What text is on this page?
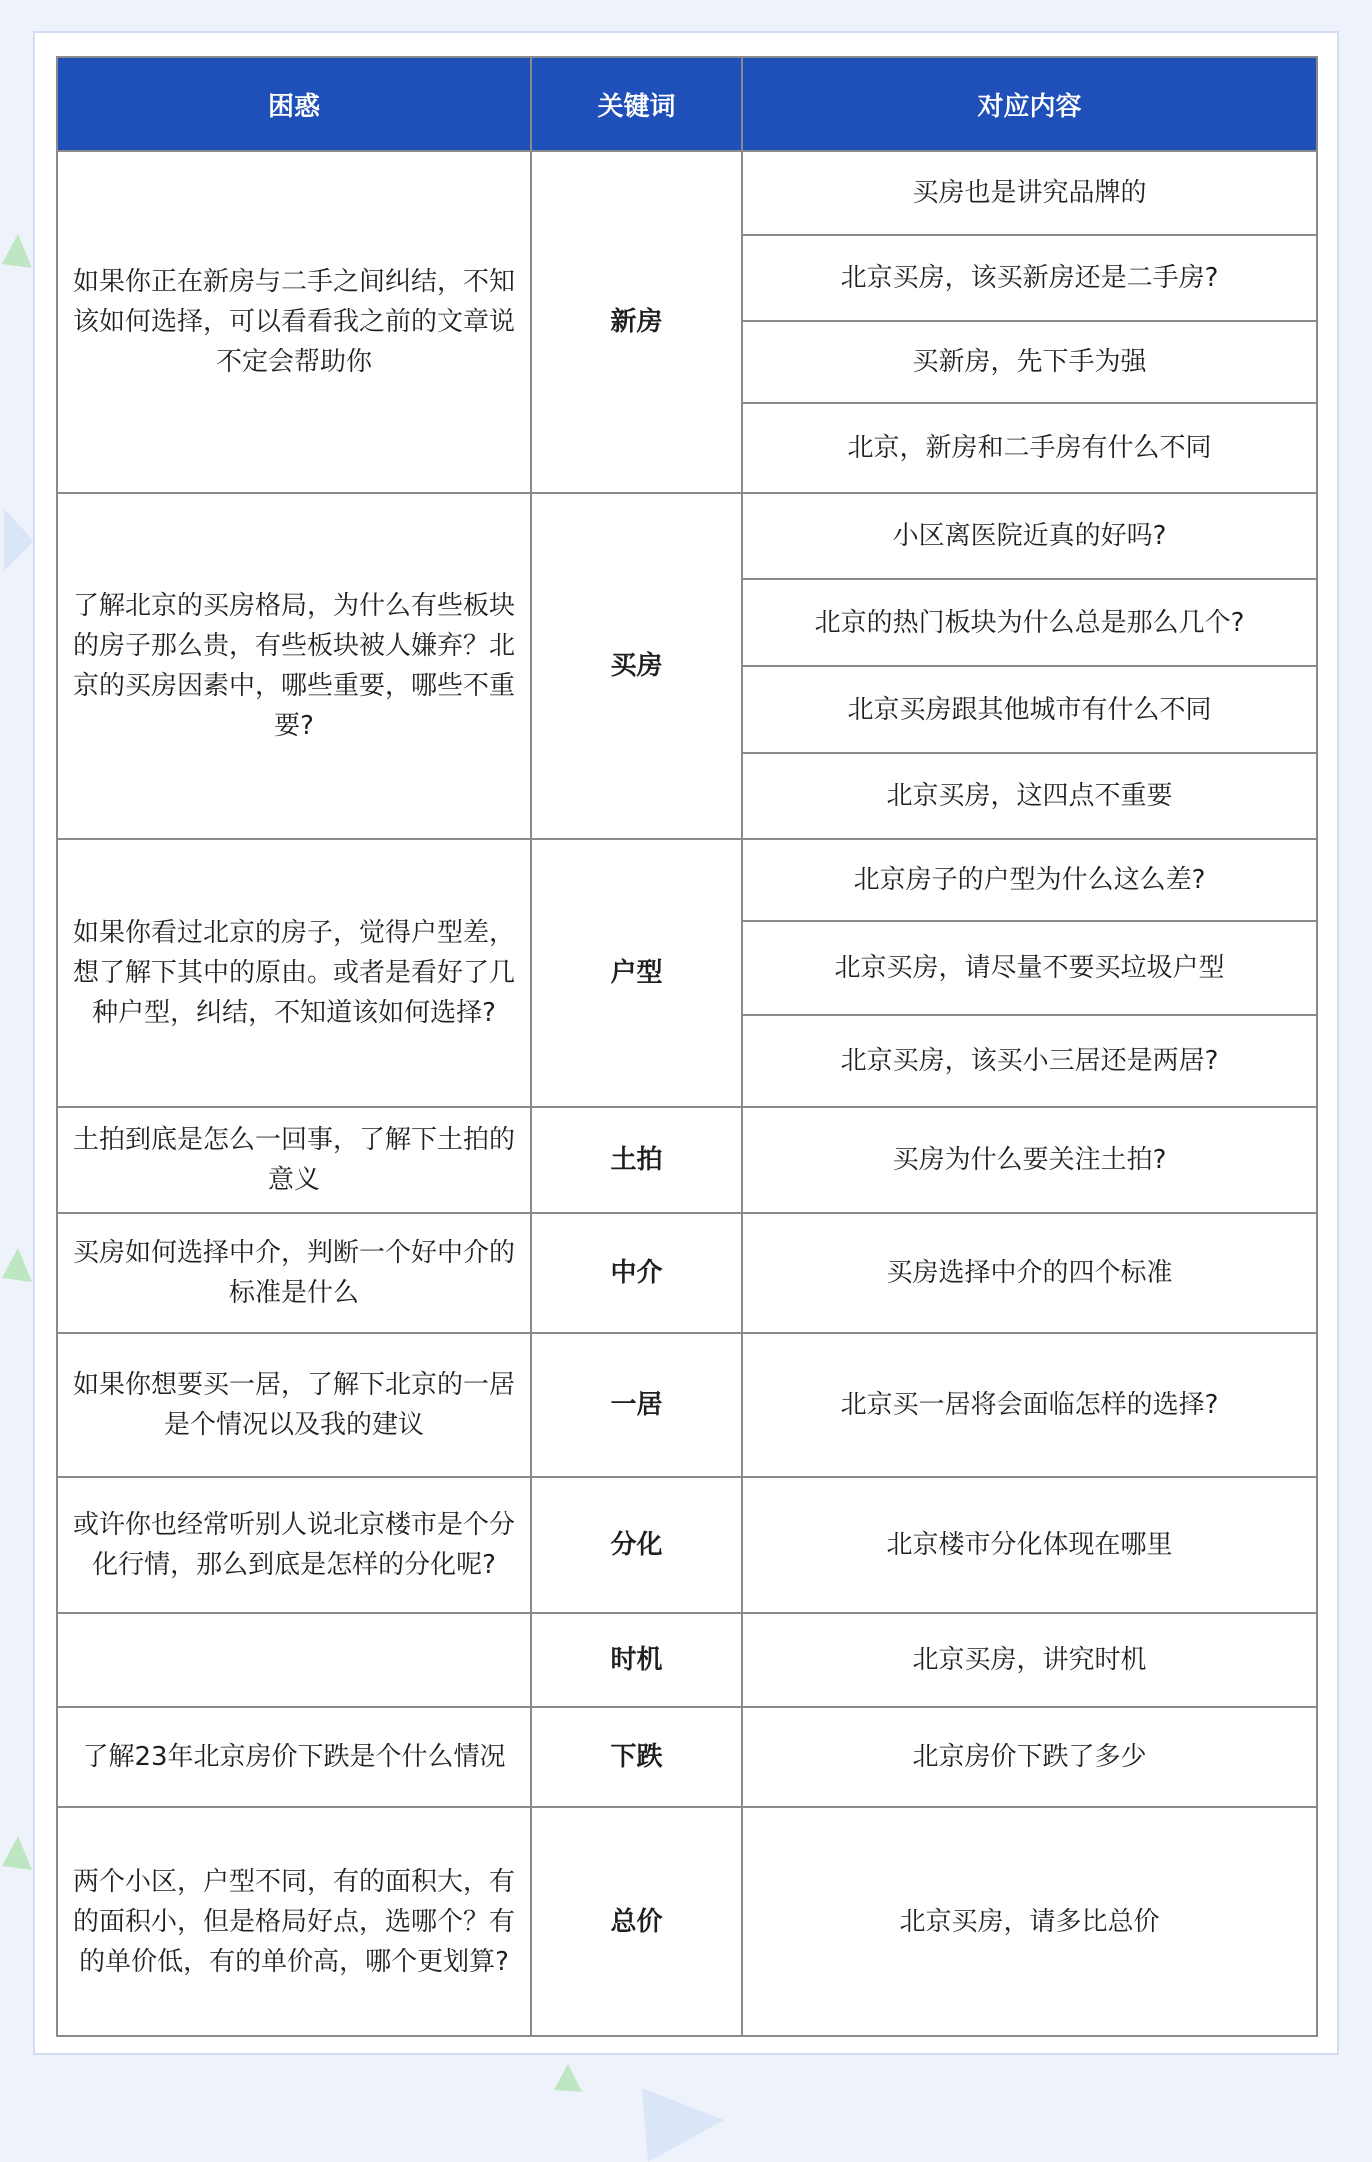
困惑	关键词	对应内容
如果你正在新房与二手之间纠结，不知该如何选择，可以看看我之前的文章说不定会帮助你	新房	买房也是讲究品牌的
		北京买房，该买新房还是二手房?
		买新房，先下手为强
		北京，新房和二手房有什么不同
了解北京的买房格局，为什么有些板块的房子那么贵，有些板块被人嫌弃？北京的买房因素中，哪些重要，哪些不重要?	买房	小区离医院近真的好吗?
		北京的热门板块为什么总是那么几个?
		北京买房跟其他城市有什么不同
		北京买房，这四点不重要
如果你看过北京的房子，觉得户型差，想了解下其中的原由。或者是看好了几种户型，纠结，不知道该如何选择?	户型	北京房子的户型为什么这么差?
		北京买房，请尽量不要买垃圾户型
		北京买房，该买小三居还是两居?
土拍到底是怎么一回事，了解下土拍的意义	土拍	买房为什么要关注土拍?
买房如何选择中介，判断一个好中介的标准是什么	中介	买房选择中介的四个标准
如果你想要买一居，了解下北京的一居是个情况以及我的建议	一居	北京买一居将会面临怎样的选择?
或许你也经常听别人说北京楼市是个分化行情，那么到底是怎样的分化呢?	分化	北京楼市分化体现在哪里
	时机	北京买房，讲究时机
了解23年北京房价下跌是个什么情况	下跌	北京房价下跌了多少
两个小区，户型不同，有的面积大，有的面积小，但是格局好点，选哪个？有的单价低，有的单价高，哪个更划算?	总价	北京买房，请多比总价
